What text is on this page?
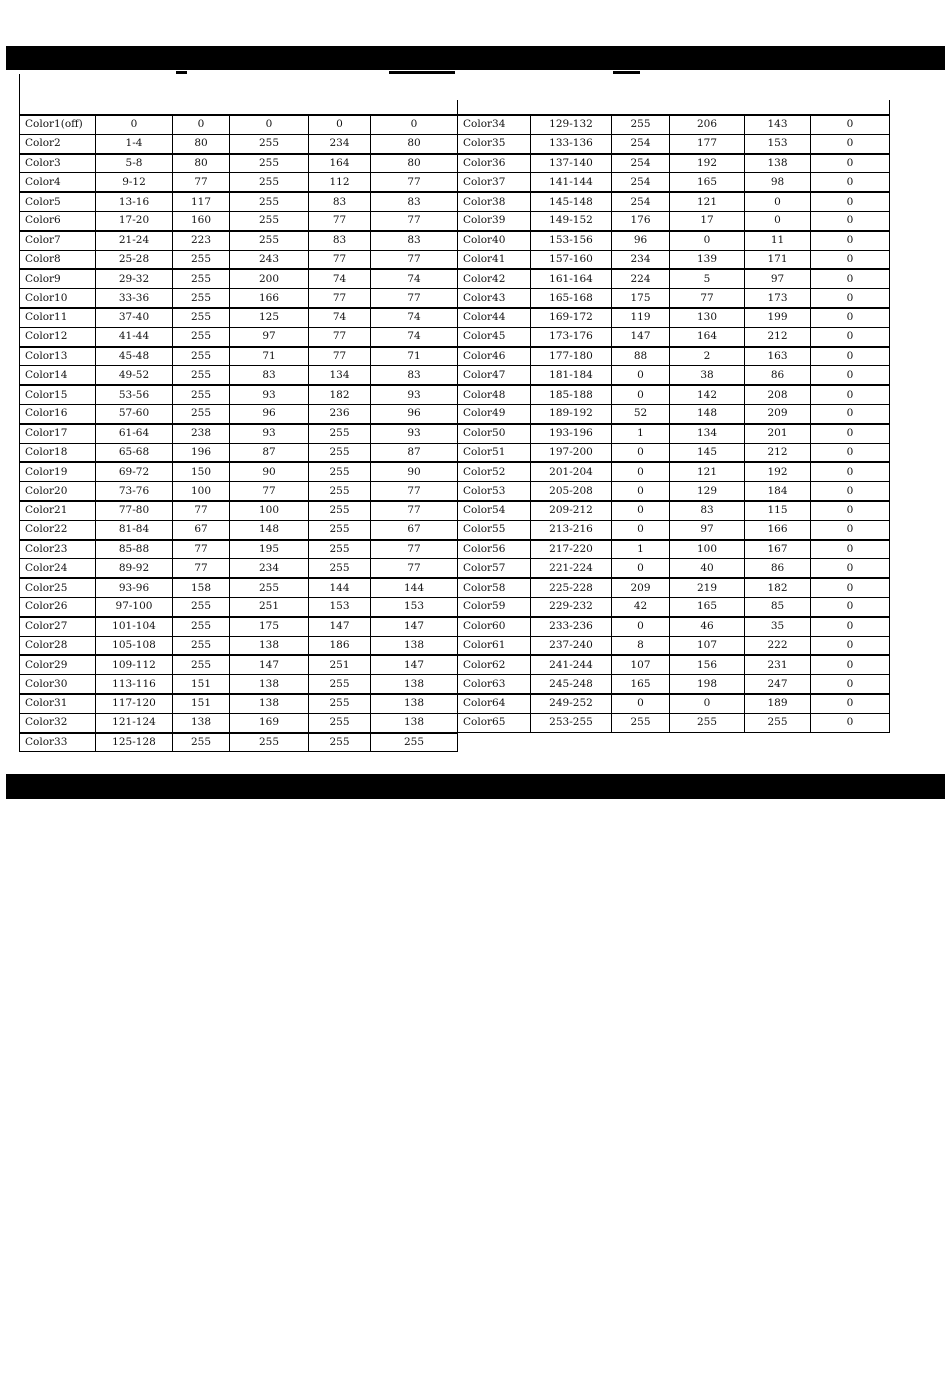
Color1(off)	0	0	0	0	0
Color2	1-4	80	255	234	80
Color3	5-8	80	255	164	80
Color4	9-12	77	255	112	77
Color5	13-16	117	255	83	83
Color6	17-20	160	255	77	77
Color7	21-24	223	255	83	83
Color8	25-28	255	243	77	77
Color9	29-32	255	200	74	74
Color10	33-36	255	166	77	77
Color11	37-40	255	125	74	74
Color12	41-44	255	97	77	74
Color13	45-48	255	71	77	71
Color14	49-52	255	83	134	83
Color15	53-56	255	93	182	93
Color16	57-60	255	96	236	96
Color17	61-64	238	93	255	93
Color18	65-68	196	87	255	87
Color19	69-72	150	90	255	90
Color20	73-76	100	77	255	77
Color21	77-80	77	100	255	77
Color22	81-84	67	148	255	67
Color23	85-88	77	195	255	77
Color24	89-92	77	234	255	77
Color25	93-96	158	255	144	144
Color26	97-100	255	251	153	153
Color27	101-104	255	175	147	147
Color28	105-108	255	138	186	138
Color29	109-112	255	147	251	147
Color30	113-116	151	138	255	138
Color31	117-120	151	138	255	138
Color32	121-124	138	169	255	138
Color33	125-128	255	255	255	255
Color34	129-132	255	206	143	0
Color35	133-136	254	177	153	0
Color36	137-140	254	192	138	0
Color37	141-144	254	165	98	0
Color38	145-148	254	121	0	0
Color39	149-152	176	17	0	0
Color40	153-156	96	0	11	0
Color41	157-160	234	139	171	0
Color42	161-164	224	5	97	0
Color43	165-168	175	77	173	0
Color44	169-172	119	130	199	0
Color45	173-176	147	164	212	0
Color46	177-180	88	2	163	0
Color47	181-184	0	38	86	0
Color48	185-188	0	142	208	0
Color49	189-192	52	148	209	0
Color50	193-196	1	134	201	0
Color51	197-200	0	145	212	0
Color52	201-204	0	121	192	0
Color53	205-208	0	129	184	0
Color54	209-212	0	83	115	0
Color55	213-216	0	97	166	0
Color56	217-220	1	100	167	0
Color57	221-224	0	40	86	0
Color58	225-228	209	219	182	0
Color59	229-232	42	165	85	0
Color60	233-236	0	46	35	0
Color61	237-240	8	107	222	0
Color62	241-244	107	156	231	0
Color63	245-248	165	198	247	0
Color64	249-252	0	0	189	0
Color65	253-255	255	255	255	0
